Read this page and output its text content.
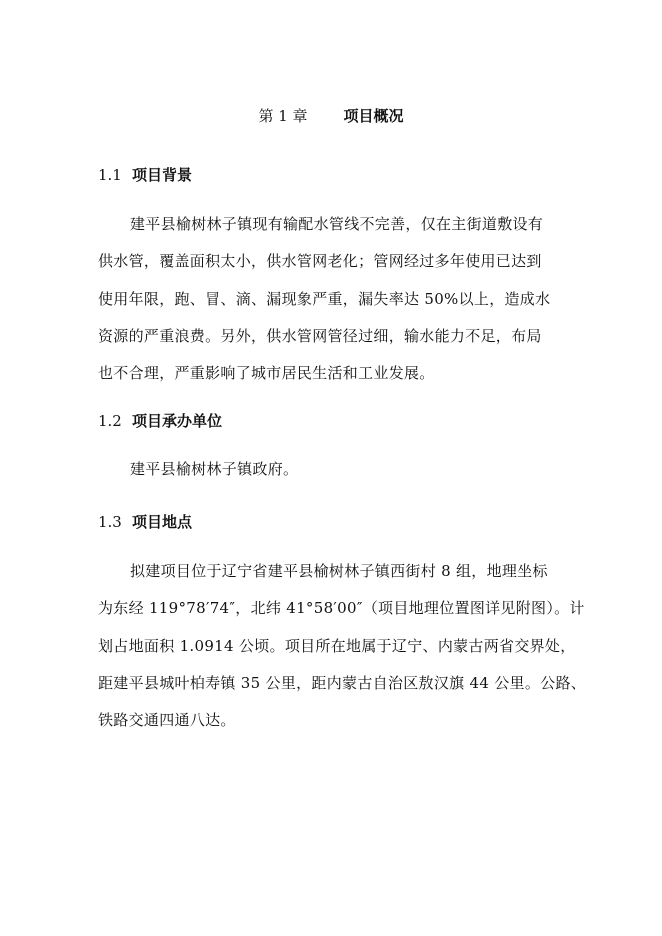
第 1 章 项目概况
1.1 项目背景
建平县榆树林子镇现有输配水管线不完善，仅在主街道敷设有
供水管，覆盖面积太小，供水管网老化；管网经过多年使用已达到
使用年限，跑、冒、滴、漏现象严重，漏失率达 50%以上，造成水
资源的严重浪费。另外，供水管网管径过细，输水能力不足，布局
也不合理，严重影响了城市居民生活和工业发展。
1.2 项目承办单位
建平县榆树林子镇政府。
1.3 项目地点
拟建项目位于辽宁省建平县榆树林子镇西街村 8 组，地理坐标
为东经 119°78′74″，北纬 41°58′00″（项目地理位置图详见附图）。计
划占地面积 1.0914 公顷。项目所在地属于辽宁、内蒙古两省交界处，
距建平县城叶柏寿镇 35 公里，距内蒙古自治区敖汉旗 44 公里。公路、
铁路交通四通八达。
